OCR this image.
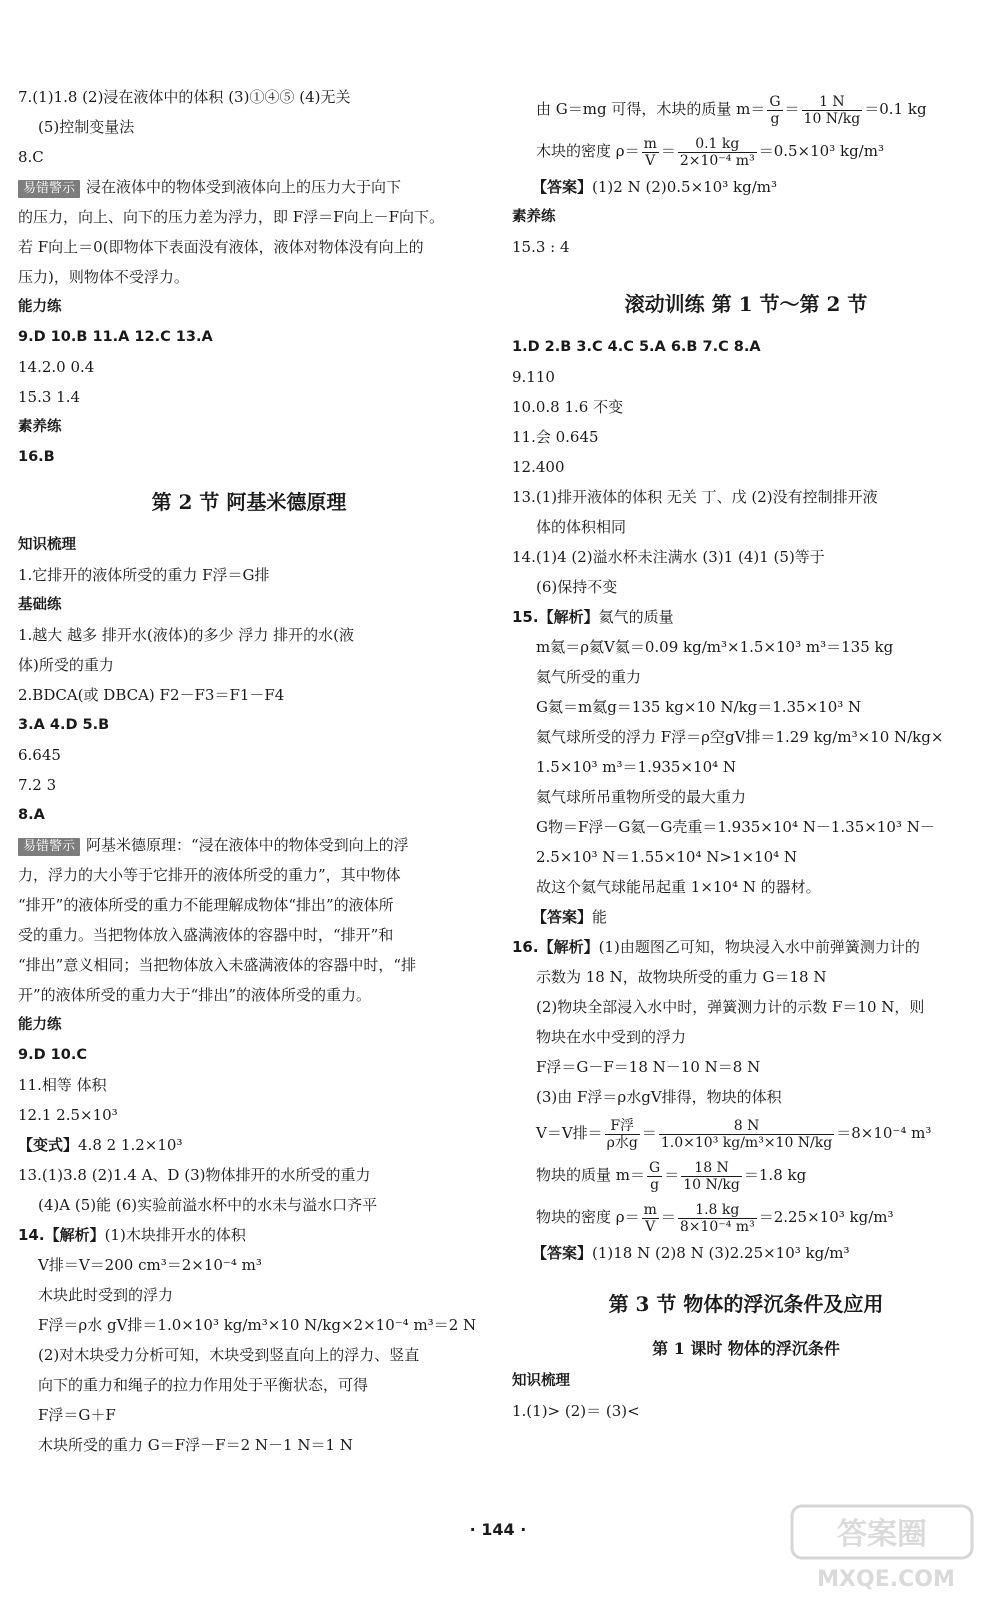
7.(1)1.8 (2)浸在液体中的体积 (3)①④⑤ (4)无关
(5)控制变量法
8.C
易错警示 浸在液体中的物体受到液体向上的压力大于向下
的压力，向上、向下的压力差为浮力，即 F浮＝F向上－F向下。
若 F向上＝0(即物体下表面没有液体，液体对物体没有向上的
压力)，则物体不受浮力。
能力练
9.D 10.B 11.A 12.C 13.A
14.2.0 0.4
15.3 1.4
素养练
16.B
第 2 节 阿基米德原理
知识梳理
1.它排开的液体所受的重力 F浮＝G排
基础练
1.越大 越多 排开水(液体)的多少 浮力 排开的水(液
体)所受的重力
2.BDCA(或 DBCA) F2－F3＝F1－F4
3.A 4.D 5.B
6.645
7.2 3
8.A
易错警示 阿基米德原理：“浸在液体中的物体受到向上的浮
力，浮力的大小等于它排开的液体所受的重力”，其中物体
“排开”的液体所受的重力不能理解成物体“排出”的液体所
受的重力。当把物体放入盛满液体的容器中时，“排开”和
“排出”意义相同；当把物体放入未盛满液体的容器中时，“排
开”的液体所受的重力大于“排出”的液体所受的重力。
能力练
9.D 10.C
11.相等 体积
12.1 2.5×10³
【变式】4.8 2 1.2×10³
13.(1)3.8 (2)1.4 A、D (3)物体排开的水所受的重力
(4)A (5)能 (6)实验前溢水杯中的水未与溢水口齐平
14.【解析】(1)木块排开水的体积
V排＝V＝200 cm³＝2×10⁻⁴ m³
木块此时受到的浮力
F浮＝ρ水 gV排＝1.0×10³ kg/m³×10 N/kg×2×10⁻⁴ m³＝2 N
(2)对木块受力分析可知，木块受到竖直向上的浮力、竖直
向下的重力和绳子的拉力作用处于平衡状态，可得
F浮＝G＋F
木块所受的重力 G＝F浮－F＝2 N－1 N＝1 N
由 G＝mg 可得，木块的质量 $m= \frac{G}{g} = \frac{1 N}{10 N/kg} =0.1$ kg
木块的密度 $\rho= \frac{m}{V} = \frac{0.1 kg}{\text{2×10⁻⁴ m³}} =0.5\times 10^3$ kg/m³
【答案】(1)2 N (2)0.5×10³ kg/m³
素养练
15.3 : 4
滚动训练 第 1 节～第 2 节
1.D 2.B 3.C 4.C 5.A 6.B 7.C 8.A
9.110
10.0.8 1.6 不变
11.会 0.645
12.400
13.(1)排开液体的体积 无关 丁、戊 (2)没有控制排开液
体的体积相同
14.(1)4 (2)溢水杯未注满水 (3)1 (4)1 (5)等于
(6)保持不变
15.【解析】氦气的质量
m氦＝ρ氦V氦＝0.09 kg/m³×1.5×10³ m³＝135 kg
氦气所受的重力
G氦＝m氦g＝135 kg×10 N/kg＝1.35×10³ N
氦气球所受的浮力 F浮＝ρ空gV排＝1.29 kg/m³×10 N/kg×
1.5×10³ m³＝1.935×10⁴ N
氦气球所吊重物所受的最大重力
G物＝F浮－G氦－G壳重＝1.935×10⁴ N－1.35×10³ N－
2.5×10³ N＝1.55×10⁴ N>1×10⁴ N
故这个氦气球能吊起重 1×10⁴ N 的器材。
【答案】能
16.【解析】(1)由题图乙可知，物块浸入水中前弹簧测力计的
示数为 18 N，故物块所受的重力 G＝18 N
(2)物块全部浸入水中时，弹簧测力计的示数 F＝10 N，则
物块在水中受到的浮力
F浮＝G－F＝18 N－10 N＝8 N
(3)由 F浮＝ρ水gV排得，物块的体积
V＝V排＝ $\frac{\text{F浮}}{\text{ρ水g}} = \frac{8 N}{\text{1.0×10³ kg/m³×10 N/kg}} =8\times 10^{-4}$ m³
物块的质量 $m= \frac{G}{g} = \frac{18 N}{10 N/kg} =1.8$ kg
物块的密度 $\rho= \frac{m}{V} = \frac{1.8 kg}{\text{8×10⁻⁴ m³}} =2.25\times 10^3$ kg/m³
【答案】(1)18 N (2)8 N (3)2.25×10³ kg/m³
第 3 节 物体的浮沉条件及应用
第 1 课时 物体的浮沉条件
知识梳理
1.(1)> (2)＝ (3)<
· 144 ·	答案圈
MXQE.COM
